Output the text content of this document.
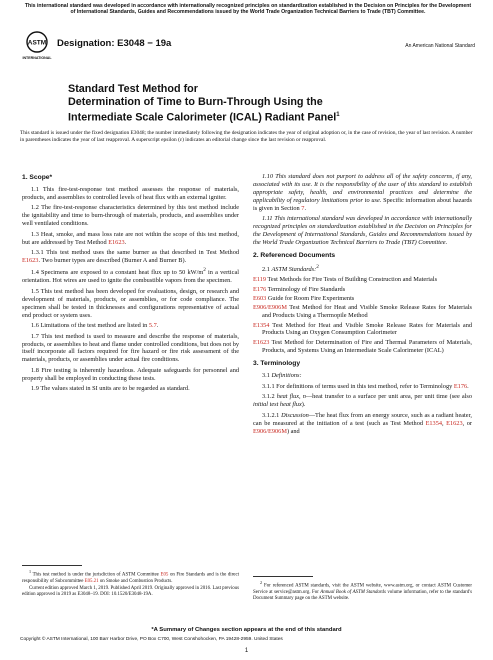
This international standard was developed in accordance with internationally recognized principles on standardization established in the Decision on Principles for the Development of International Standards, Guides and Recommendations issued by the World Trade Organization Technical Barriers to Trade (TBT) Committee.
ASTM
INTERNATIONAL
Designation: E3048 − 19a	An American National Standard
Standard Test Method for
Determination of Time to Burn-Through Using the
Intermediate Scale Calorimeter (ICAL) Radiant Panel$^1$
This standard is issued under the fixed designation E3048; the number immediately following the designation indicates the year of original adoption or, in the case of revision, the year of last revision. A number in parentheses indicates the year of last reapproval. A superscript epsilon (ε) indicates an editorial change since the last revision or reapproval.
1. Scope*

1.1 This fire-test-response test method assesses the response of materials, products, and assemblies to controlled levels of heat flux with an external igniter.

1.2 The fire-test-response characteristics determined by this test method include the ignitability and time to burn-through of materials, products, and assemblies under well ventilated conditions.

1.3 Heat, smoke, and mass loss rate are not within the scope of this test method, but are addressed by Test Method E1623.

1.3.1 This test method uses the same burner as that described in Test Method E1623. Two burner types are described (Burner A and Burner B).

1.4 Specimens are exposed to a constant heat flux up to 50 $kW/m^2$ in a vertical orientation. Hot wires are used to ignite the combustible vapors from the specimen.

1.5 This test method has been developed for evaluations, design, or research and development of materials, products, or assemblies, or for code compliance. The specimen shall be tested in thicknesses and configurations representative of actual end product or system uses.

1.6 Limitations of the test method are listed in 5.7.

1.7 This test method is used to measure and describe the response of materials, products, or assemblies to heat and flame under controlled conditions, but does not by itself incorporate all factors required for fire hazard or fire risk assessment of the materials, products, or assemblies under actual fire conditions.

1.8 Fire testing is inherently hazardous. Adequate safeguards for personnel and property shall be employed in conducting these tests.

1.9 The values stated in SI units are to be regarded as standard.

1.10 This standard does not purport to address all of the safety concerns, if any, associated with its use. It is the responsibility of the user of this standard to establish appropriate safety, health, and environmental practices and determine the applicability of regulatory limitations prior to use. Specific information about hazards is given in Section 7.

1.11 This international standard was developed in accordance with internationally recognized principles on standardization established in the Decision on Principles for the Development of International Standards, Guides and Recommendations issued by the World Trade Organization Technical Barriers to Trade (TBT) Committee.

2. Referenced Documents

2.1 ASTM Standards:$^2$

E119 Test Methods for Fire Tests of Building Construction and Materials
E176 Terminology of Fire Standards
E603 Guide for Room Fire Experiments
E906/E906M Test Method for Heat and Visible Smoke Release Rates for Materials and Products Using a Thermopile Method
E1354 Test Method for Heat and Visible Smoke Release Rates for Materials and Products Using an Oxygen Consumption Calorimeter
E1623 Test Method for Determination of Fire and Thermal Parameters of Materials, Products, and Systems Using an Intermediate Scale Calorimeter (ICAL)
3. Terminology

3.1 Definitions:

3.1.1 For definitions of terms used in this test method, refer to Terminology E176.

3.1.2 heat flux, n—heat transfer to a surface per unit area, per unit time (see also initial test heat flux).

3.1.2.1 Discussion—The heat flux from an energy source, such as a radiant heater, can be measured at the initiation of a test (such as Test Method E1354, E1623, or E906/E906M) and

$^1$ This test method is under the jurisdiction of ASTM Committee E05 on Fire Standards and is the direct responsibility of Subcommittee E05.21 on Smoke and Combustion Products.

Current edition approved March 1, 2019. Published April 2019. Originally approved in 2016. Last previous edition approved in 2019 as E3048–19. DOI: 10.1520/E3048-19A.

$^2$ For referenced ASTM standards, visit the ASTM website, www.astm.org, or contact ASTM Customer Service at service@astm.org. For Annual Book of ASTM Standards volume information, refer to the standard's Document Summary page on the ASTM website.

*A Summary of Changes section appears at the end of this standard
Copyright © ASTM International, 100 Barr Harbor Drive, PO Box C700, West Conshohocken, PA 19428-2959. United States
1
